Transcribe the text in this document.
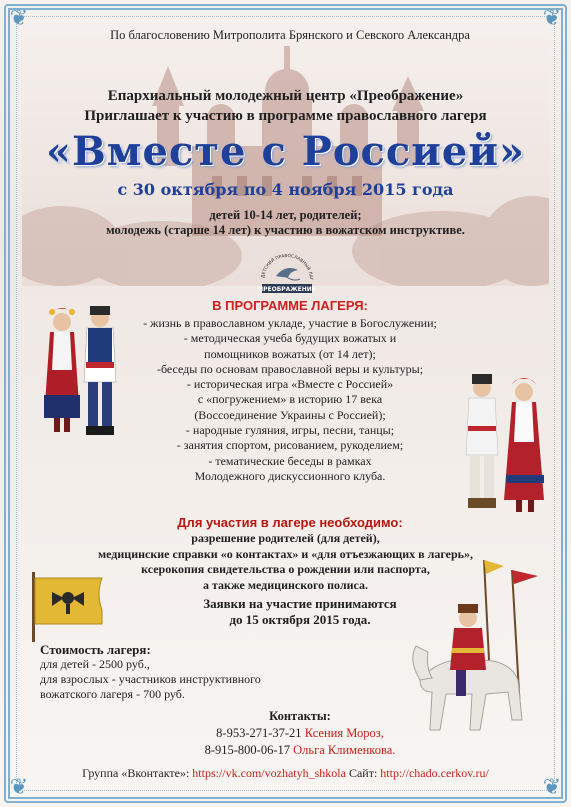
❦	❦
❦	❦
По благословению Митрополита Брянского и Севского Александра
Епархиальный молодежный центр «Преображение»
Приглашает к участию в программе православного лагеря
«Вместе с Россией»
с 30 октября по 4 ноября 2015 года
детей 10-14 лет, родителей;
молодежь (старше 14 лет) к участию в вожатском инструктиве.
ДЕТСКИЙ ПРАВОСЛАВНЫЙ ЛАГ
ПРЕОБРАЖЕНИЕ
В ПРОГРАММЕ ЛАГЕРЯ:
- жизнь в православном укладе, участие в Богослужении;
- методическая учеба будущих вожатых и
помощников вожатых (от 14 лет);
-беседы по основам православной веры и культуры;
- историческая игра «Вместе с Россией»
с «погружением» в историю 17 века
(Воссоединение Украины с Россией);
- народные гуляния, игры, песни, танцы;
- занятия спортом, рисованием, рукоделием;
- тематические беседы в рамках
Молодежного дискуссионного клуба.
Для участия в лагере необходимо:
разрешение родителей (для детей),
медицинские справки «о контактах» и «для отъезжающих в лагерь»,
ксерокопия свидетельства о рождении или паспорта,
а также медицинского полиса.
Заявки на участие принимаются
до 15 октября 2015 года.
Стоимость лагеря:
для детей - 2500 руб.,
для взрослых - участников инструктивного
вожатского лагеря - 700 руб.
Контакты:
8-953-271-37-21 Ксения Мороз,
8-915-800-06-17 Ольга Клименкова.
Группа «Вконтакте»: https://vk.com/vozhatyh_shkola Сайт: http://chado.cerkov.ru/
